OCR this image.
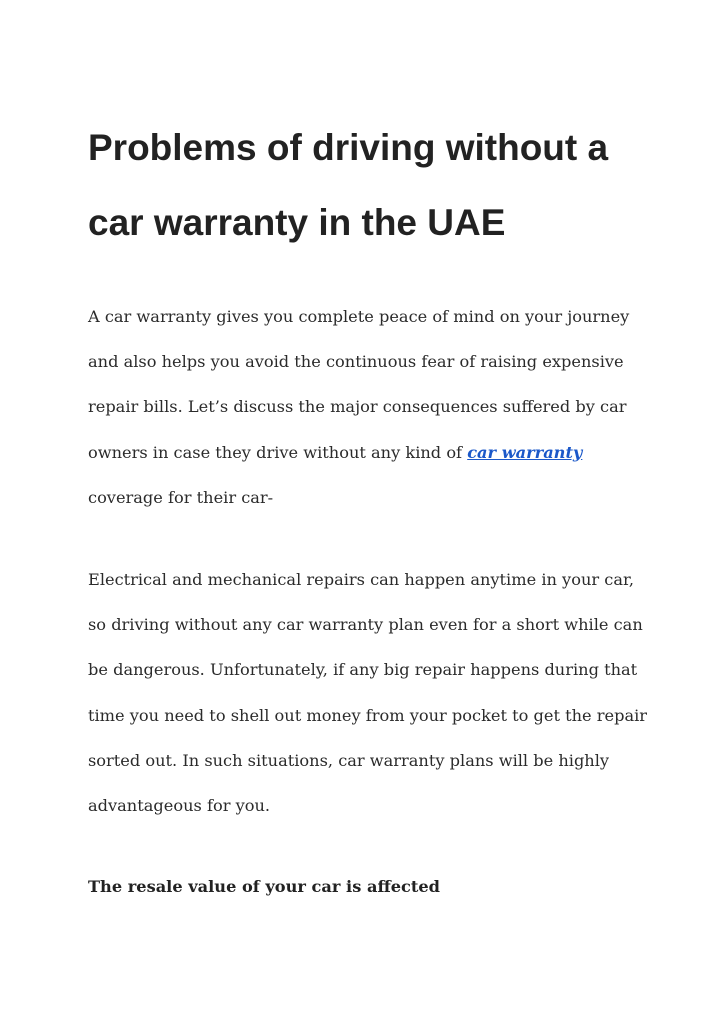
Problems of driving without a
car warranty in the UAE

A car warranty gives you complete peace of mind on your journey
and also helps you avoid the continuous fear of raising expensive
repair bills. Let’s discuss the major consequences suffered by car
owners in case they drive without any kind of car warranty
coverage for their car-

Electrical and mechanical repairs can happen anytime in your car,
so driving without any car warranty plan even for a short while can
be dangerous. Unfortunately, if any big repair happens during that
time you need to shell out money from your pocket to get the repair
sorted out. In such situations, car warranty plans will be highly
advantageous for you.

The resale value of your car is affected
